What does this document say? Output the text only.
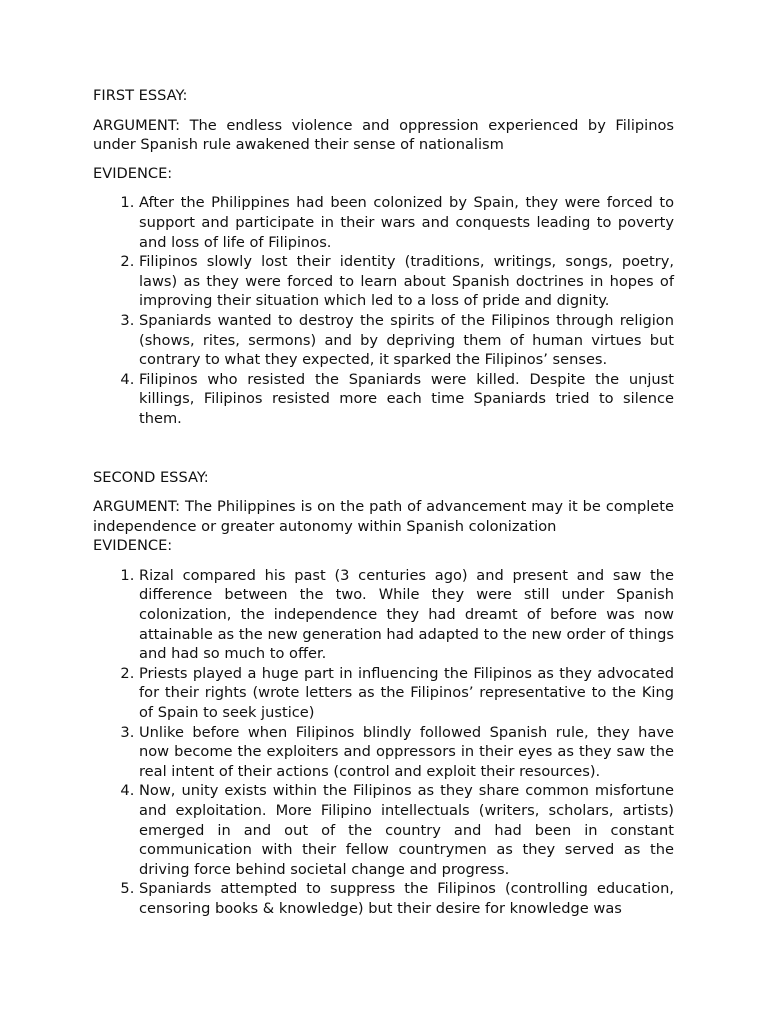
FIRST ESSAY:

ARGUMENT: The endless violence and oppression experienced by Filipinos under Spanish rule awakened their sense of nationalism

EVIDENCE:

1. After the Philippines had been colonized by Spain, they were forced to support and participate in their wars and conquests leading to poverty and loss of life of Filipinos.
2. Filipinos slowly lost their identity (traditions, writings, songs, poetry, laws) as they were forced to learn about Spanish doctrines in hopes of improving their situation which led to a loss of pride and dignity.
3. Spaniards wanted to destroy the spirits of the Filipinos through religion (shows, rites, sermons) and by depriving them of human virtues but contrary to what they expected, it sparked the Filipinos’ senses.
4. Filipinos who resisted the Spaniards were killed. Despite the unjust killings, Filipinos resisted more each time Spaniards tried to silence them.

SECOND ESSAY:

ARGUMENT: The Philippines is on the path of advancement may it be complete independence or greater autonomy within Spanish colonization

EVIDENCE:

1. Rizal compared his past (3 centuries ago) and present and saw the difference between the two. While they were still under Spanish colonization, the independence they had dreamt of before was now attainable as the new generation had adapted to the new order of things and had so much to offer.
2. Priests played a huge part in influencing the Filipinos as they advocated for their rights (wrote letters as the Filipinos’ representative to the King of Spain to seek justice)
3. Unlike before when Filipinos blindly followed Spanish rule, they have now become the exploiters and oppressors in their eyes as they saw the real intent of their actions (control and exploit their resources).
4. Now, unity exists within the Filipinos as they share common misfortune and exploitation. More Filipino intellectuals (writers, scholars, artists) emerged in and out of the country and had been in constant communication with their fellow countrymen as they served as the driving force behind societal change and progress.
5. Spaniards attempted to suppress the Filipinos (controlling education, censoring books & knowledge) but their desire for knowledge was
